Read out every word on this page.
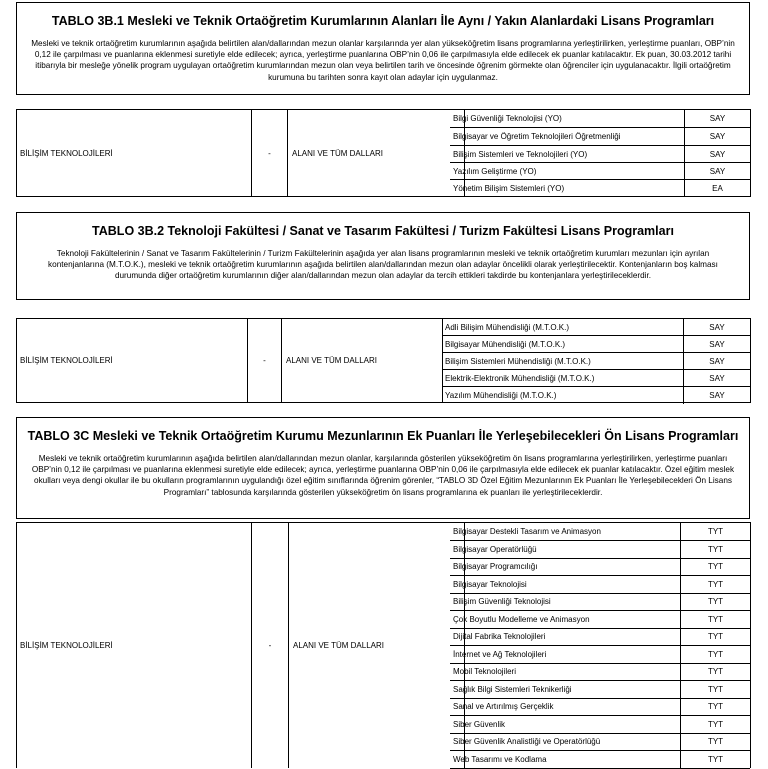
TABLO 3B.1 Mesleki ve Teknik Ortaöğretim Kurumlarının Alanları İle Aynı / Yakın Alanlardaki Lisans Programları
Mesleki ve teknik ortaöğretim kurumlarının aşağıda belirtilen alan/dallarından mezun olanlar karşılarında yer alan yükseköğretim lisans programlarına yerleştirilirken, yerleştirme puanları, OBP’nin 0,12 ile çarpılması ve puanlarına eklenmesi suretiyle elde edilecek; ayrıca, yerleştirme puanlarına OBP’nin 0,06 ile çarpılmasıyla elde edilecek ek puanlar katılacaktır. Ek puan, 30.03.2012 tarihi itibarıyla bir mesleğe yönelik program uygulayan ortaöğretim kurumlarından mezun olan veya belirtilen tarih ve öncesinde öğrenim görmekte olan öğrenciler için uygulanacaktır. İlgili ortaöğretim kurumuna bu tarihten sonra kayıt olan adaylar için uygulanmaz.
BİLİŞİM TEKNOLOJİLERİ	-	ALANI VE TÜM DALLARI
Bilgi Güvenliği Teknolojisi (YO)	SAY
Bilgisayar ve Öğretim Teknolojileri Öğretmenliği	SAY
Bilişim Sistemleri ve Teknolojileri (YO)	SAY
Yazılım Geliştirme (YO)	SAY
Yönetim Bilişim Sistemleri (YO)	EA
TABLO 3B.2 Teknoloji Fakültesi / Sanat ve Tasarım Fakültesi / Turizm Fakültesi Lisans Programları
Teknoloji Fakültelerinin / Sanat ve Tasarım Fakültelerinin / Turizm Fakültelerinin aşağıda yer alan lisans programlarının mesleki ve teknik ortaöğretim kurumları mezunları için ayrılan kontenjanlarına (M.T.O.K.), mesleki ve teknik ortaöğretim kurumlarının aşağıda belirtilen alan/dallarından mezun olan adaylar öncelikli olarak yerleştirilecektir. Kontenjanların boş kalması durumunda diğer ortaöğretim kurumlarının diğer alan/dallarından mezun olan adaylar da tercih ettikleri takdirde bu kontenjanlara yerleştirileceklerdir.
BİLİŞİM TEKNOLOJİLERİ	-	ALANI VE TÜM DALLARI
Adli Bilişim Mühendisliği (M.T.O.K.)	SAY
Bilgisayar Mühendisliği (M.T.O.K.)	SAY
Bilişim Sistemleri Mühendisliği (M.T.O.K.)	SAY
Elektrik-Elektronik Mühendisliği (M.T.O.K.)	SAY
Yazılım Mühendisliği (M.T.O.K.)	SAY
TABLO 3C Mesleki ve Teknik Ortaöğretim Kurumu Mezunlarının Ek Puanları İle Yerleşebilecekleri Ön Lisans Programları
Mesleki ve teknik ortaöğretim kurumlarının aşağıda belirtilen alan/dallarından mezun olanlar, karşılarında gösterilen yükseköğretim ön lisans programlarına yerleştirilirken, yerleştirme puanları OBP’nin 0,12 ile çarpılması ve puanlarına eklenmesi suretiyle elde edilecek; ayrıca, yerleştirme puanlarına OBP’nin 0,06 ile çarpılmasıyla elde edilecek ek puanlar katılacaktır. Özel eğitim meslek okulları veya dengi okullar ile bu okulların programlarının uygulandığı özel eğitim sınıflarında öğrenim görenler, “TABLO 3D Özel Eğitim Mezunlarının Ek Puanları İle Yerleşebilecekleri Ön Lisans Programları” tablosunda karşılarında gösterilen yükseköğretim ön lisans programlarına ek puanları ile yerleştirileceklerdir.
BİLİŞİM TEKNOLOJİLERİ	-	ALANI VE TÜM DALLARI
Bilgisayar Destekli Tasarım ve Animasyon	TYT
Bilgisayar Operatörlüğü	TYT
Bilgisayar Programcılığı	TYT
Bilgisayar Teknolojisi	TYT
Bilişim Güvenliği Teknolojisi	TYT
Çok Boyutlu Modelleme ve Animasyon	TYT
Dijital Fabrika Teknolojileri	TYT
İnternet ve Ağ Teknolojileri	TYT
Mobil Teknolojileri	TYT
Sağlık Bilgi Sistemleri Teknikerliği	TYT
Sanal ve Artırılmış Gerçeklik	TYT
Siber Güvenlik	TYT
Siber Güvenlik Analistliği ve Operatörlüğü	TYT
Web Tasarımı ve Kodlama	TYT
